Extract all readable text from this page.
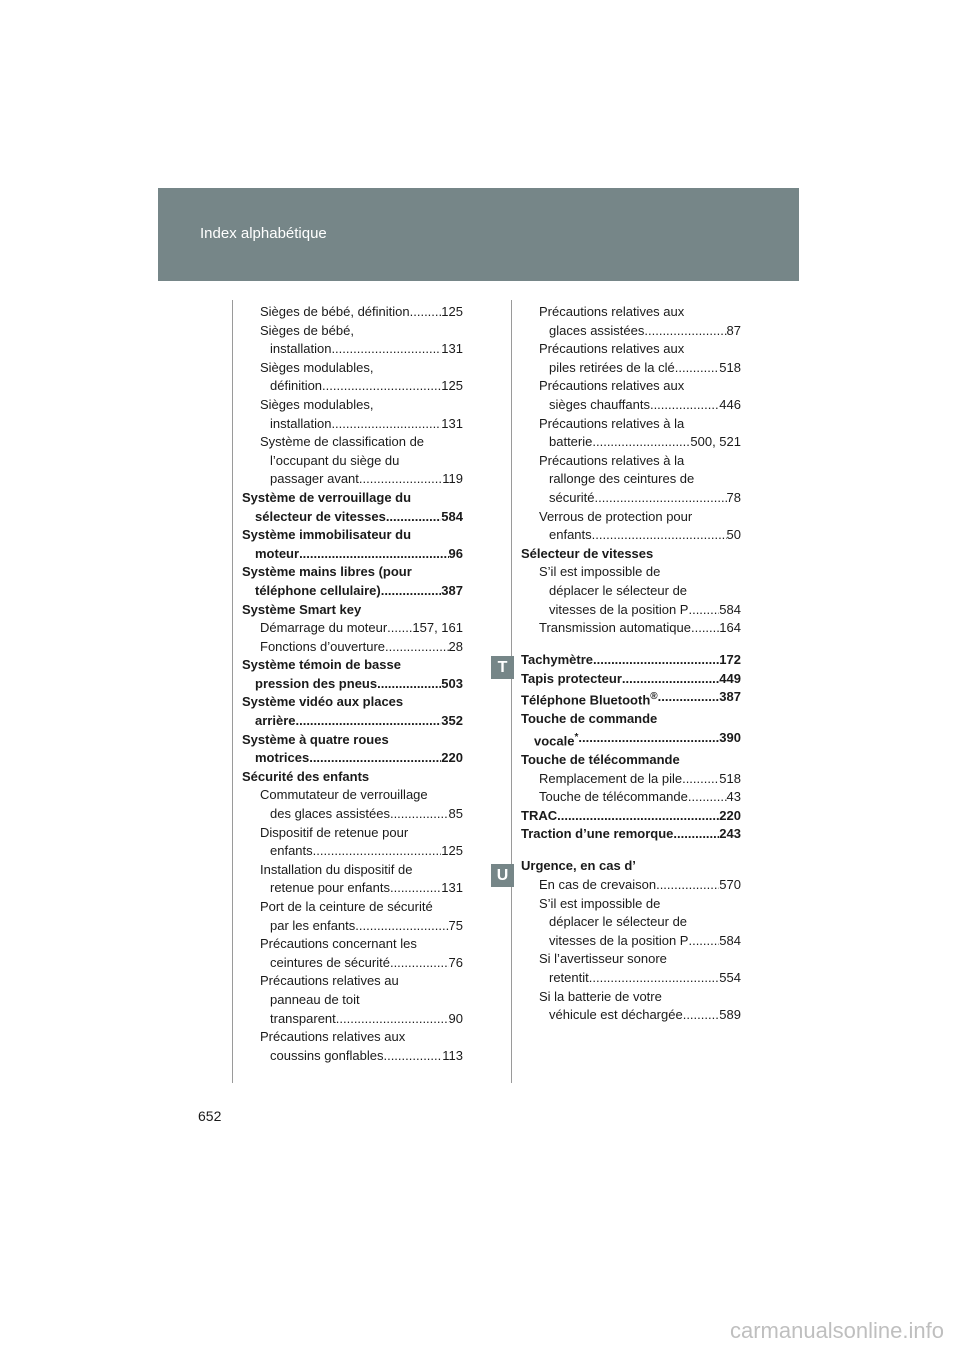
Index alphabétique
Sièges de bébé, définition ..... 125
Sièges de bébé,
installation .....	131
Sièges modulables,
définition .....	125
Sièges modulables,
installation .....	131
Système de classification de
l’occupant du siège du
passager avant .....	119
Système de verrouillage du
sélecteur de vitesses .....	584
Système immobilisateur du
moteur .....	96
Système mains libres (pour
téléphone cellulaire) .....	387
Système Smart key
Démarrage du moteur ..... 157, 161
Fonctions d’ouverture .....	28
Système témoin de basse
pression des pneus .....	503
Système vidéo aux places
arrière .....	352
Système à quatre roues
motrices .....	220
Sécurité des enfants
Commutateur de verrouillage
des glaces assistées .....	85
Dispositif de retenue pour
enfants .....	125
Installation du dispositif de
retenue pour enfants .....	131
Port de la ceinture de sécurité
par les enfants .....	75
Précautions concernant les
ceintures de sécurité .....	76
Précautions relatives au
panneau de toit
transparent .....	90
Précautions relatives aux
coussins gonflables .....	113
Précautions relatives aux
glaces assistées .....	87
Précautions relatives aux
piles retirées de la clé .....	518
Précautions relatives aux
sièges chauffants .....	446
Précautions relatives à la
batterie .....	500, 521
Précautions relatives à la
rallonge des ceintures de
sécurité .....	78
Verrous de protection pour
enfants .....	50
Sélecteur de vitesses
S’il est impossible de
déplacer le sélecteur de
vitesses de la position P ..... 584
Transmission automatique ..... 164
Tachymètre .....	172
Tapis protecteur .....	449
Téléphone Bluetooth® .....	387
Touche de commande
vocale* .....	390
Touche de télécommande
Remplacement de la pile .....	518
Touche de télécommande .....	43
TRAC .....	220
Traction d’une remorque .....	243
Urgence, en cas d’
En cas de crevaison .....	570
S’il est impossible de
déplacer le sélecteur de
vitesses de la position P ..... 584
Si l’avertisseur sonore
retentit .....	554
Si la batterie de votre
véhicule est déchargée .....	589
T
U
652
carmanualsonline.info
